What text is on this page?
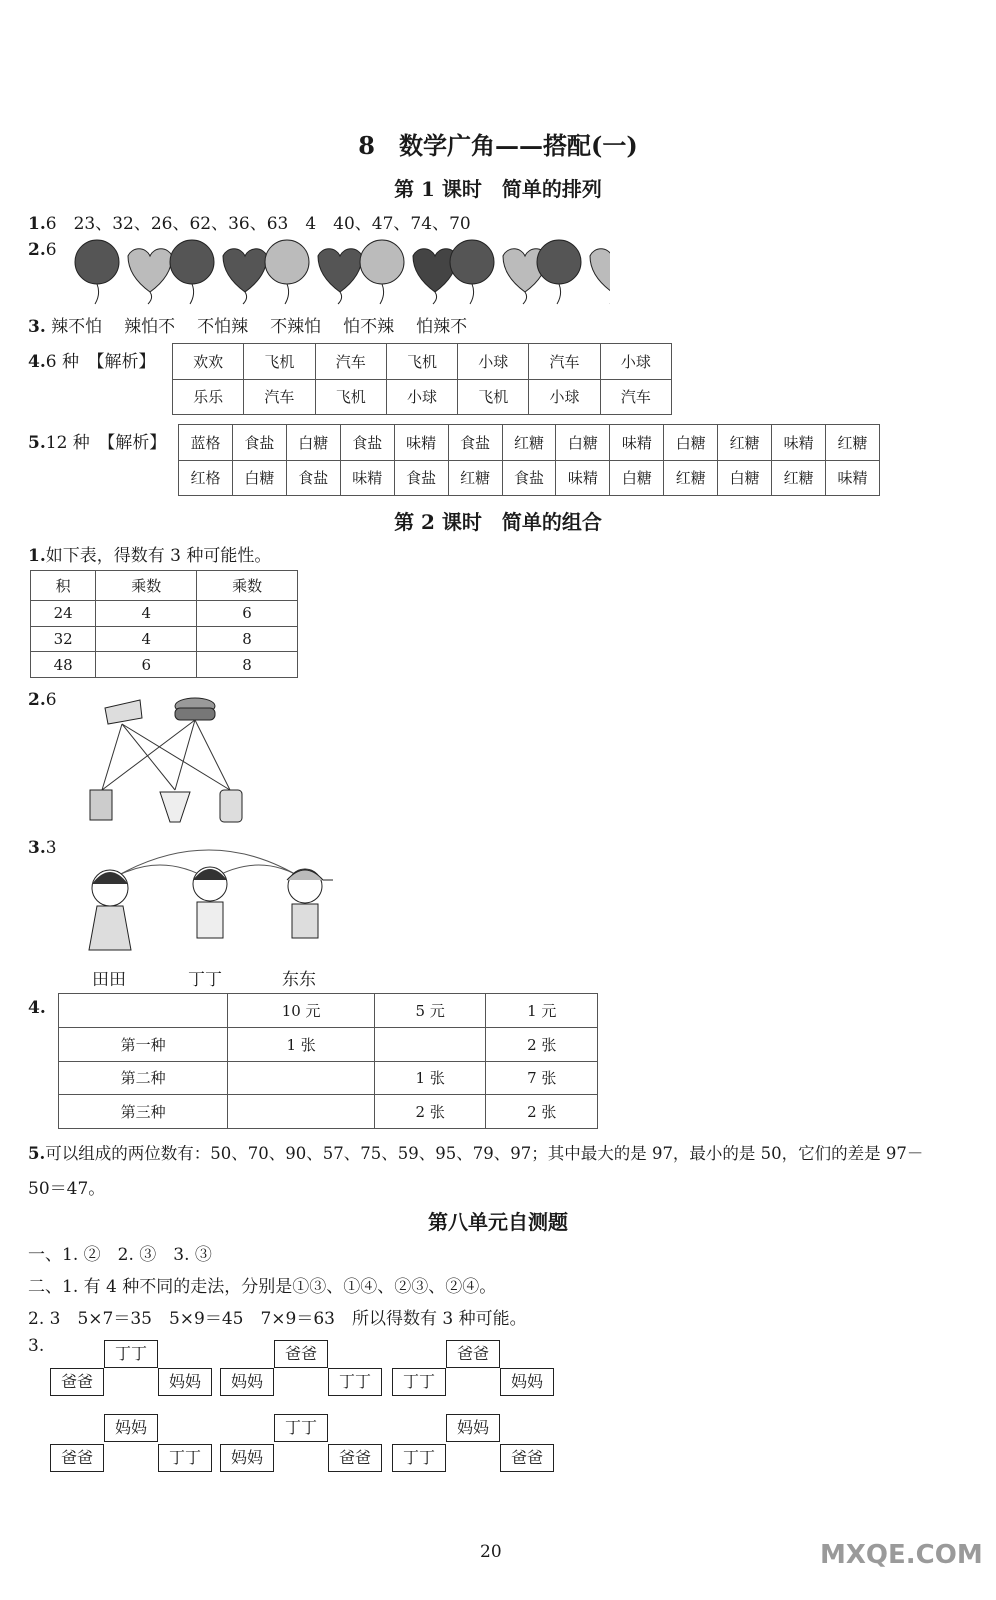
8　数学广角——搭配(一)
第 1 课时　简单的排列
1.6　23、32、26、62、36、63　4　40、47、74、70
2.6
3. 辣不怕 辣怕不 不怕辣 不辣怕 怕不辣 怕辣不
4.6 种　【解析】	欢欢	飞机	汽车	飞机	小球	汽车	小球
乐乐	汽车	飞机	小球	飞机	小球	汽车
5.12 种　【解析】 蓝格	食盐	白糖	食盐	味精	食盐	红糖	白糖	味精	白糖	红糖	味精	红糖
红格	白糖	食盐	味精	食盐	红糖	食盐	味精	白糖	红糖	白糖	红糖	味精
第 2 课时　简单的组合
1.如下表，得数有 3 种可能性。
积	乘数	乘数
24	4	6
32	4	8
48	6	8
2.6
3.3
田田	丁丁	东东
4.
		10 元	5 元	1 元
第一种	1 张		2 张
第二种		1 张	7 张
第三种		2 张	2 张
5.可以组成的两位数有：50、70、90、57、75、59、95、79、97；其中最大的是 97，最小的是 50，它们的差是 97－
50＝47。
第八单元自测题
一、1. ②　2. ③　3. ③
二、1. 有 4 种不同的走法，分别是①③、①④、②③、②④。
2. 3　5×7＝35　5×9＝45　7×9＝63　所以得数有 3 种可能。
3.
爸爸
丁丁
妈妈	妈妈
爸爸
丁丁	丁丁
爸爸
妈妈
爸爸
妈妈
丁丁	妈妈
丁丁
爸爸	丁丁
妈妈
爸爸
20	MXQE.COM
